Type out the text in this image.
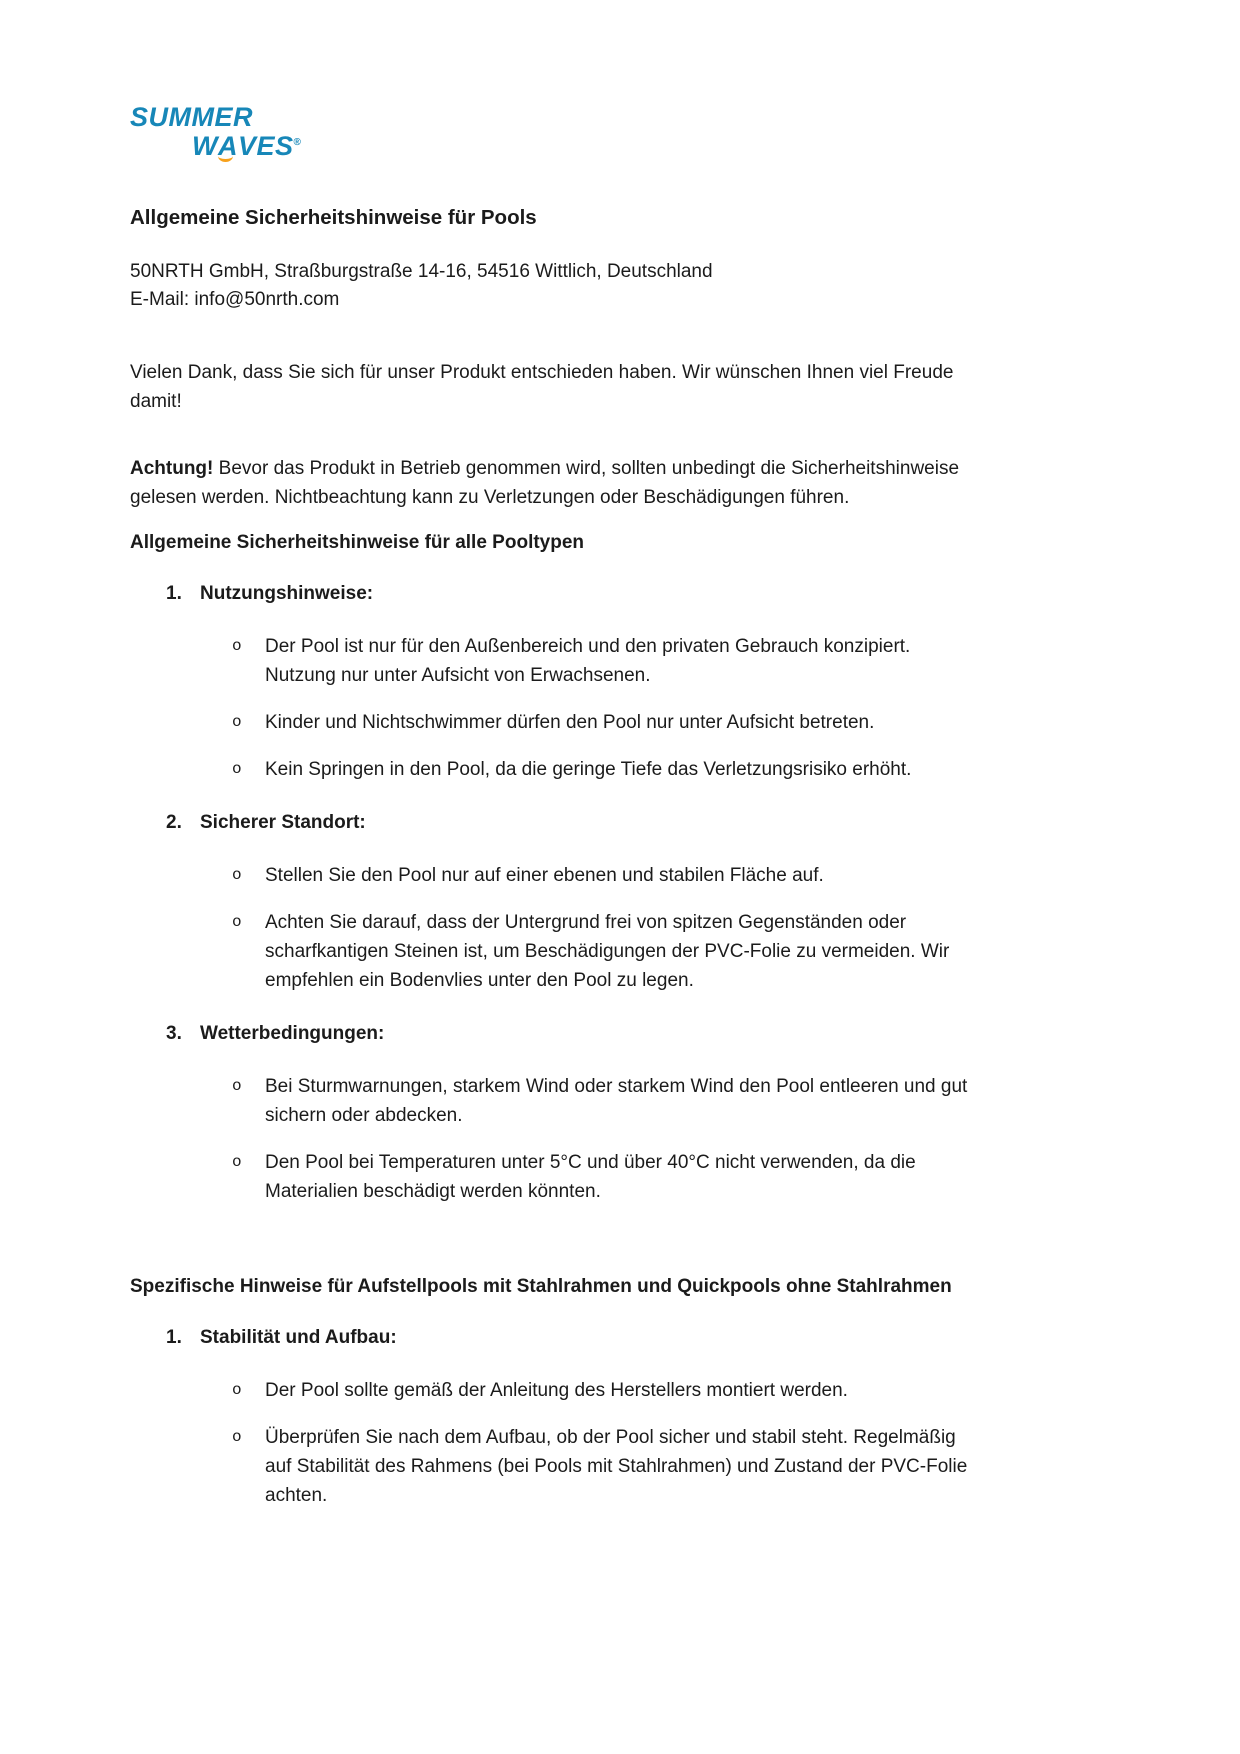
SUMMER
WA
VES®
Allgemeine Sicherheitshinweise für Pools
50NRTH GmbH, Straßburgstraße 14-16, 54516 Wittlich, Deutschland
E-Mail: info@50nrth.com

Vielen Dank, dass Sie sich für unser Produkt entschieden haben. Wir wünschen Ihnen viel Freude damit!

Achtung! Bevor das Produkt in Betrieb genommen wird, sollten unbedingt die Sicherheitshinweise gelesen werden. Nichtbeachtung kann zu Verletzungen oder Beschädigungen führen.

Allgemeine Sicherheitshinweise für alle Pooltypen
1. Nutzungshinweise:
o	Der Pool ist nur für den Außenbereich und den privaten Gebrauch konzipiert. Nutzung nur unter Aufsicht von Erwachsenen.
o	Kinder und Nichtschwimmer dürfen den Pool nur unter Aufsicht betreten.
o	Kein Springen in den Pool, da die geringe Tiefe das Verletzungsrisiko erhöht.
2. Sicherer Standort:
o	Stellen Sie den Pool nur auf einer ebenen und stabilen Fläche auf.
o	Achten Sie darauf, dass der Untergrund frei von spitzen Gegenständen oder scharfkantigen Steinen ist, um Beschädigungen der PVC-Folie zu vermeiden. Wir empfehlen ein Bodenvlies unter den Pool zu legen.
3. Wetterbedingungen:
o	Bei Sturmwarnungen, starkem Wind oder starkem Wind den Pool entleeren und gut sichern oder abdecken.
o	Den Pool bei Temperaturen unter 5°C und über 40°C nicht verwenden, da die Materialien beschädigt werden könnten.
Spezifische Hinweise für Aufstellpools mit Stahlrahmen und Quickpools ohne Stahlrahmen
1. Stabilität und Aufbau:
o	Der Pool sollte gemäß der Anleitung des Herstellers montiert werden.
o	Überprüfen Sie nach dem Aufbau, ob der Pool sicher und stabil steht. Regelmäßig auf Stabilität des Rahmens (bei Pools mit Stahlrahmen) und Zustand der PVC-Folie achten.
